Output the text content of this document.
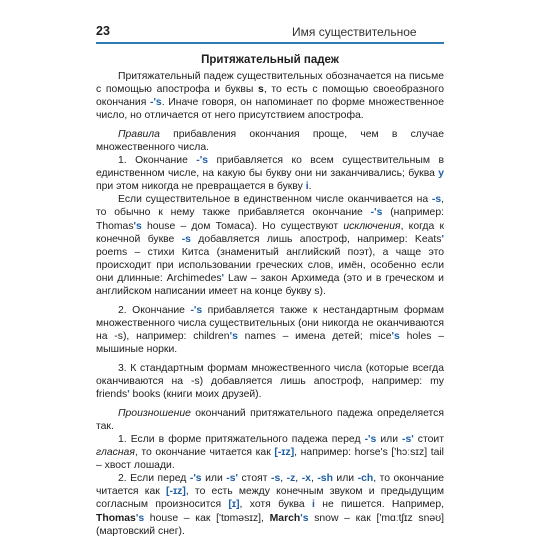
23	Имя существительное
Притяжательный падеж

Притяжательный падеж существительных обозначается на письме с помощью апострофа и буквы s, то есть с помощью своеобразного окончания -'s. Иначе говоря, он напоминает по форме множественное число, но отличается от него присутствием апострофа.

Правила прибавления окончания проще, чем в случае множественного числа.

1. Окончание -'s прибавляется ко всем существительным в единственном числе, на какую бы букву они ни заканчивались; буква у при этом никогда не превращается в букву i.

Если существительное в единственном числе оканчивается на -s, то обычно к нему также прибавляется окончание -'s (например: Thomas's house – дом Томаса). Но существуют исключения, когда к конечной букве -s добавляется лишь апостроф, например: Keats' poems – стихи Китса (знаменитый английский поэт), а чаще это происходит при использовании греческих слов, имён, особенно если они длинные: Archimedes' Law – закон Архимеда (это и в греческом и английском написании имеет на конце букву s).

2. Окончание -'s прибавляется также к нестандартным формам множественного числа существительных (они никогда не оканчиваются на -s), например: children's names – имена детей; mice's holes – мышиные норки.

3. К стандартным формам множественного числа (которые всегда оканчиваются на -s) добавляется лишь апостроф, например: my friends' books (книги моих друзей).

Произношение окончаний притяжательного падежа определяется так.

1. Если в форме притяжательного падежа перед -'s или -s' стоит гласная, то окончание читается как [-ɪz], например: horse's ['hɔːsɪz] tail – хвост лошади.

2. Если перед -'s или -s' стоят -s, -z, -x, -sh или -ch, то окончание читается как [-ɪz], то есть между конечным звуком и предыдущим согласным произносится [ɪ], хотя буква i не пишется. Например, Thomas's house – как ['tɒməsɪz], March's snow – как ['mɑːtʃɪz snəʊ] (мартовский снег).
